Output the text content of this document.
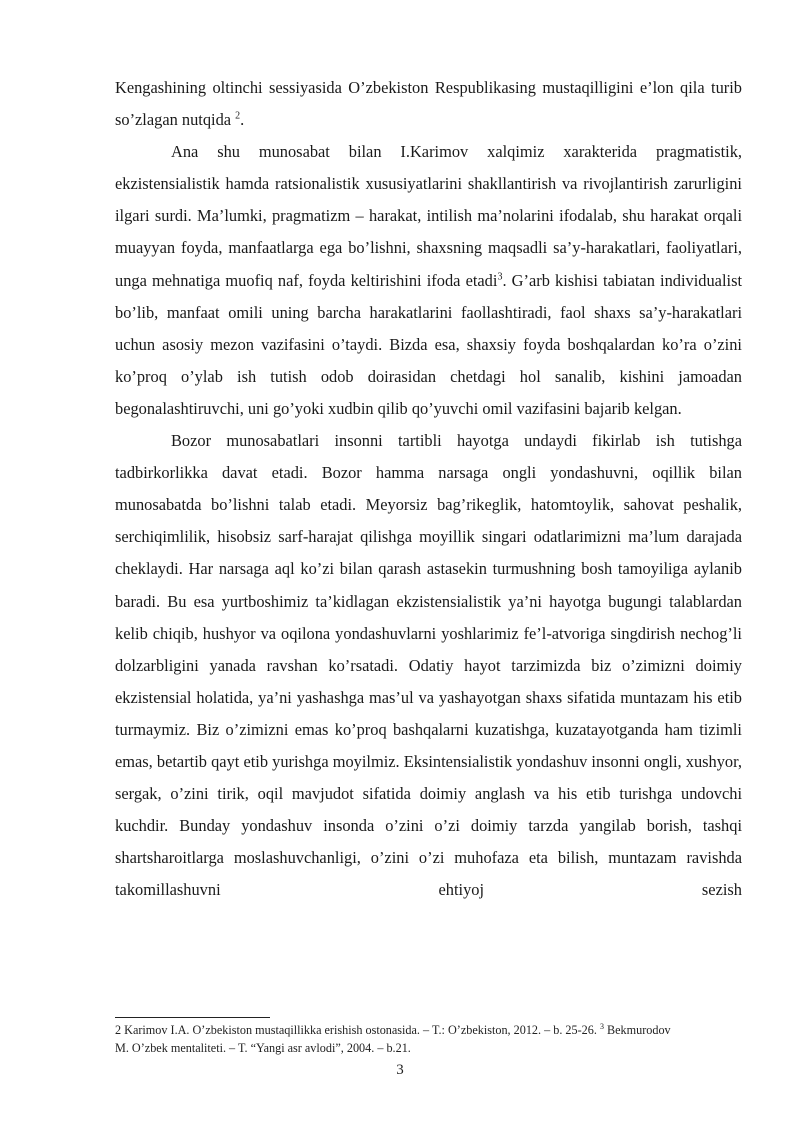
Kengashining oltinchi sessiyasida O’zbekiston Respublikasing mustaqilligini e’lon qila turib so’zlagan nutqida $^2$.

Ana shu munosabat bilan I.Karimov xalqimiz xarakterida pragmatistik, ekzistensialistik hamda ratsionalistik xususiyatlarini shakllantirish va rivojlantirish zarurligini ilgari surdi. Ma’lumki, pragmatizm – harakat, intilish ma’nolarini ifodalab, shu harakat orqali muayyan foyda, manfaatlarga ega bo’lishni, shaxsning maqsadli sa’y-harakatlari, faoliyatlari, unga mehnatiga muofiq naf, foyda keltirishini ifoda etadi$^3$. G’arb kishisi tabiatan individualist bo’lib, manfaat omili uning barcha harakatlarini faollashtiradi, faol shaxs sa’y-harakatlari uchun asosiy mezon vazifasini o’taydi. Bizda esa, shaxsiy foyda boshqalardan ko’ra o’zini ko’proq o’ylab ish tutish odob doirasidan chetdagi hol sanalib, kishini jamoadan begonalashtiruvchi, uni go’yoki xudbin qilib qo’yuvchi omil vazifasini bajarib kelgan.

Bozor munosabatlari insonni tartibli hayotga undaydi fikirlab ish tutishga tadbirkorlikka davat etadi. Bozor hamma narsaga ongli yondashuvni, oqillik bilan munosabatda bo’lishni talab etadi. Meyorsiz bag’rikeglik, hatomtoylik, sahovat peshalik, serchiqimlilik, hisobsiz sarf-harajat qilishga moyillik singari odatlarimizni ma’lum darajada cheklaydi. Har narsaga aql ko’zi bilan qarash astasekin turmushning bosh tamoyiliga aylanib baradi. Bu esa yurtboshimiz ta’kidlagan ekzistensialistik ya’ni hayotga bugungi talablardan kelib chiqib, hushyor va oqilona yondashuvlarni yoshlarimiz fe’l-atvoriga singdirish nechog’li dolzarbligini yanada ravshan ko’rsatadi. Odatiy hayot tarzimizda biz o’zimizni doimiy ekzistensial holatida, ya’ni yashashga mas’ul va yashayotgan shaxs sifatida muntazam his etib turmaymiz. Biz o’zimizni emas ko’proq bashqalarni kuzatishga, kuzatayotganda ham tizimli emas, betartib qayt etib yurishga moyilmiz. Eksintensialistik yondashuv insonni ongli, xushyor, sergak, o’zini tirik, oqil mavjudot sifatida doimiy anglash va his etib turishga undovchi kuchdir. Bunday yondashuv insonda o’zini o’zi doimiy tarzda yangilab borish, tashqi shartsharoitlarga moslashuvchanligi, o’zini o’zi muhofaza eta bilish, muntazam ravishda takomillashuvni ehtiyoj sezish

2 Karimov I.A. O’zbekiston mustaqillikka erishish ostonasida. – T.: O’zbekiston, 2012. – b. 25-26. $^3$ Bekmurodov M. O’zbek mentaliteti. – T. “Yangi asr avlodi”, 2004. – b.21.
3
